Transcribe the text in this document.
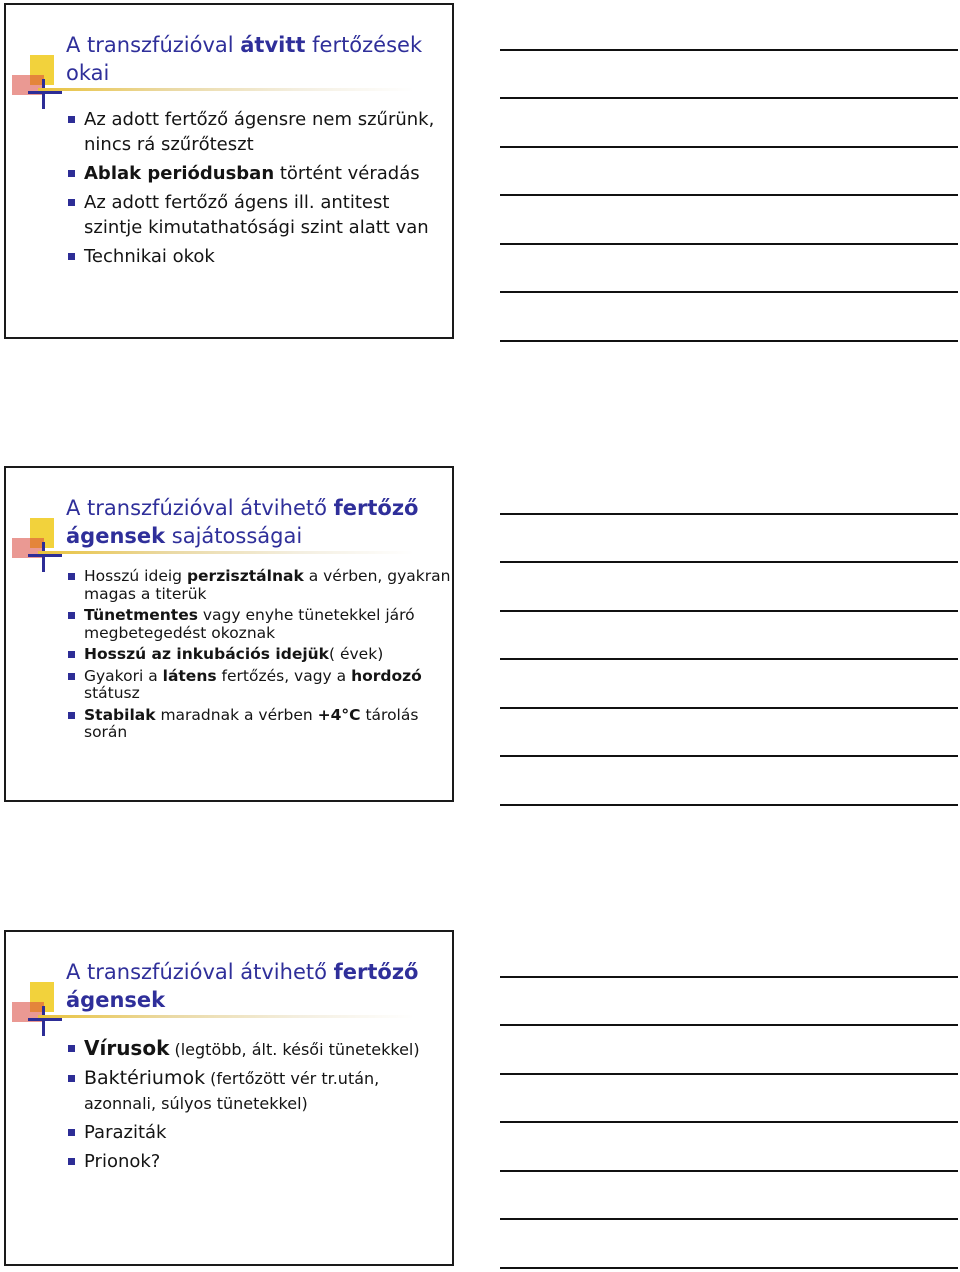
A transzfúzióval átvitt fertőzések okai
Az adott fertőző ágensre nem szűrünk, nincs rá szűrőteszt
Ablak periódusban történt véradás
Az adott fertőző ágens ill. antitest szintje kimutathatósági szint alatt van
Technikai okok
A transzfúzióval átvihető fertőző ágensek sajátosságai
Hosszú ideig perzisztálnak a vérben, gyakran magas a titerük
Tünetmentes vagy enyhe tünetekkel járó megbetegedést okoznak
Hosszú az inkubációs idejük( évek)
Gyakori a látens fertőzés, vagy a hordozó státusz
Stabilak maradnak a vérben +4°C tárolás során
A transzfúzióval átvihető fertőző ágensek
Vírusok (legtöbb, ált. késői tünetekkel)
Baktériumok (fertőzött vér tr.után, azonnali, súlyos tünetekkel)
Paraziták
Prionok?
